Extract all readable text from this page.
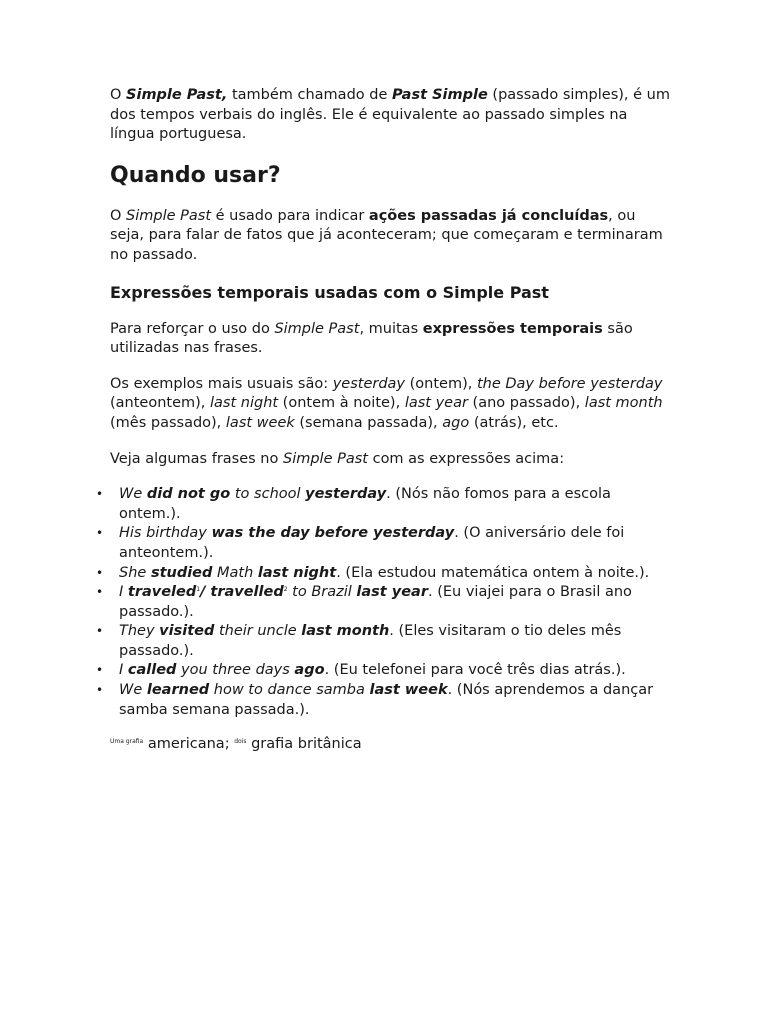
O Simple Past, também chamado de Past Simple (passado simples), é um dos tempos verbais do inglês. Ele é equivalente ao passado simples na língua portuguesa.

Quando usar?

O Simple Past é usado para indicar ações passadas já concluídas, ou seja, para falar de fatos que já aconteceram; que começaram e terminaram no passado.

Expressões temporais usadas com o Simple Past

Para reforçar o uso do Simple Past, muitas expressões temporais são utilizadas nas frases.

Os exemplos mais usuais são: yesterday (ontem), the Day before yesterday (anteontem), last night (ontem à noite), last year (ano passado), last month (mês passado), last week (semana passada), ago (atrás), etc.

Veja algumas frases no Simple Past com as expressões acima:

• We did not go to school yesterday. (Nós não fomos para a escola ontem.).
• His birthday was the day before yesterday. (O aniversário dele foi anteontem.).
• She studied Math last night. (Ela estudou matemática ontem à noite.).
• I traveled$^1$/ travelled$^2$ to Brazil last year. (Eu viajei para o Brasil ano passado.).
• They visited their uncle last month. (Eles visitaram o tio deles mês passado.).
• I called you three days ago. (Eu telefonei para você três dias atrás.).
• We learned how to dance samba last week. (Nós aprendemos a dançar samba semana passada.).

$^{Uma grafia}$ americana; $^{dois}$ grafia britânica
